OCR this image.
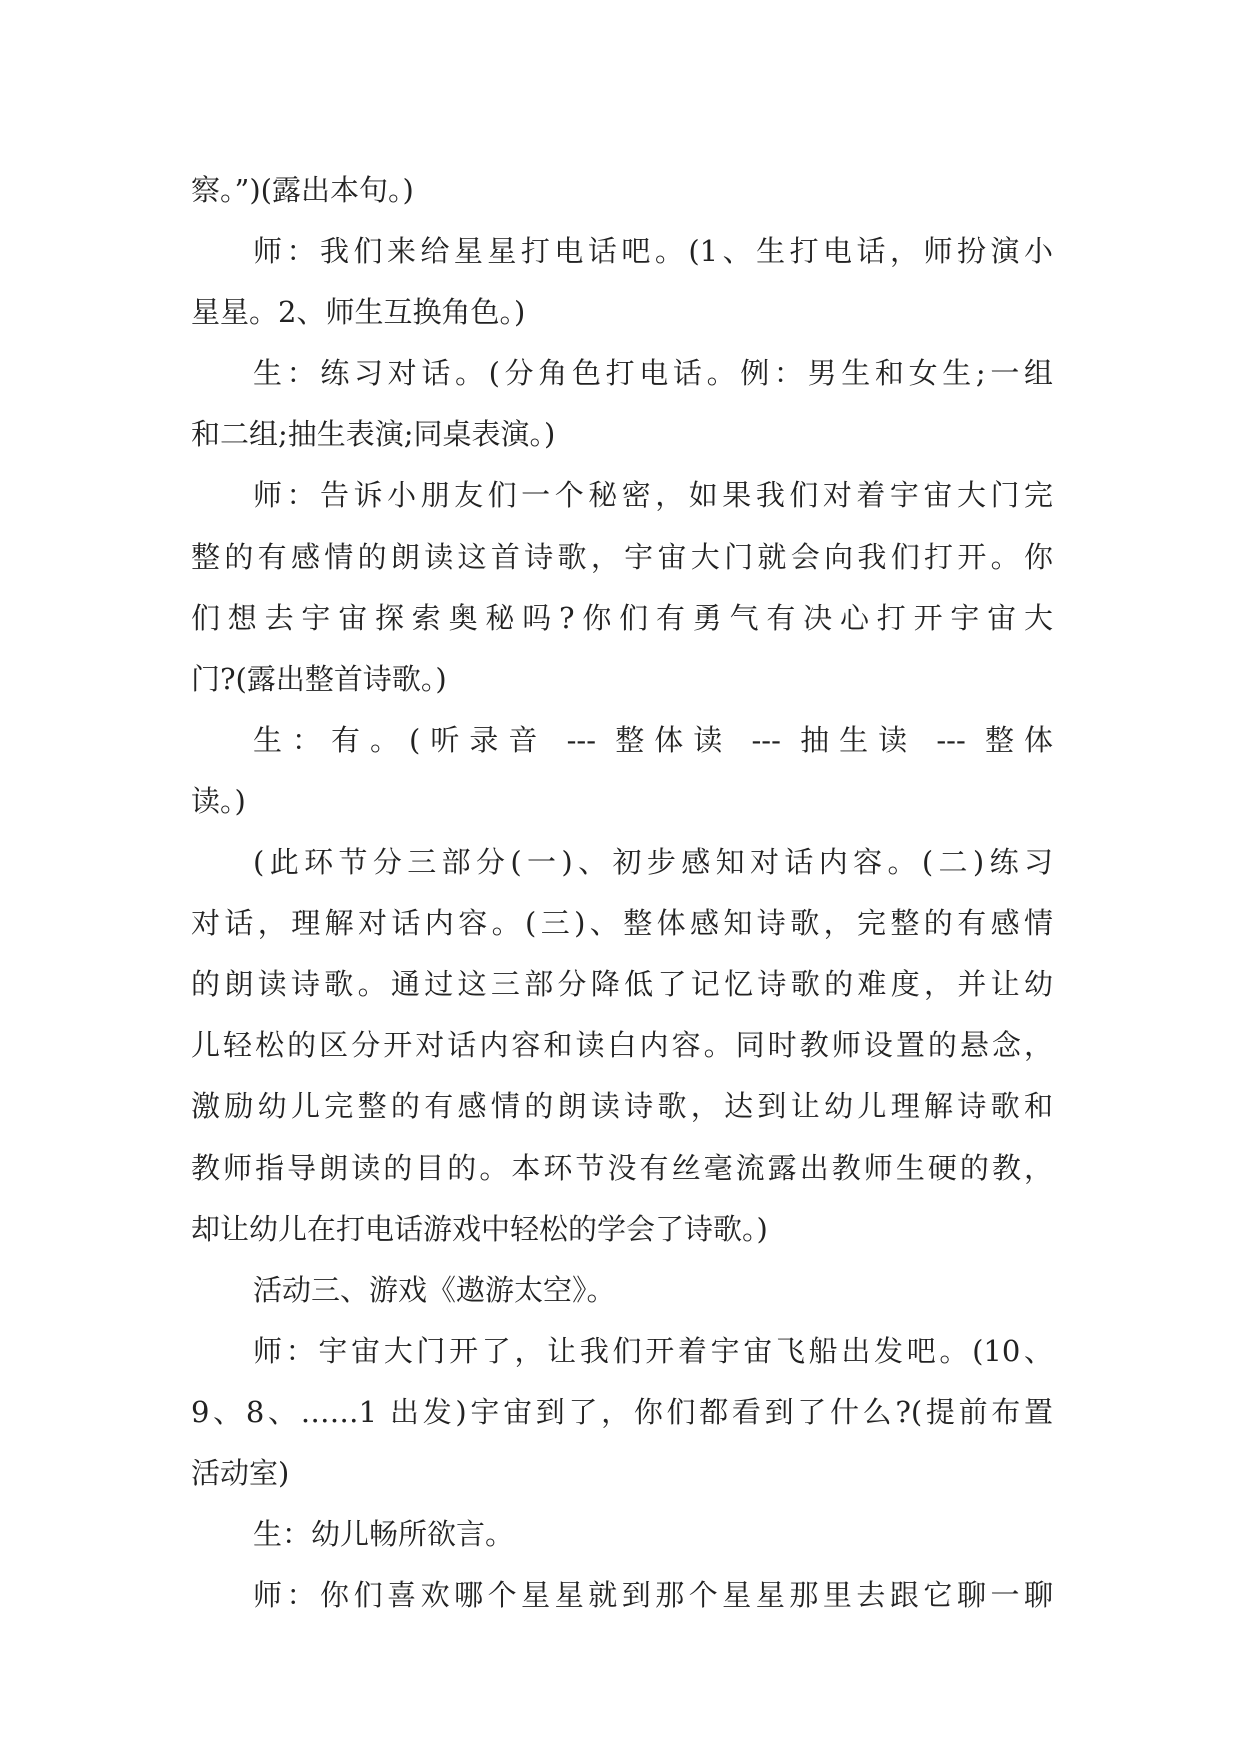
察。”)(露出本句。)
师：我们来给星星打电话吧。(1、生打电话，师扮演小
星星。2、师生互换角色。)
生：练习对话。(分角色打电话。例：男生和女生;一组
和二组;抽生表演;同桌表演。)
师：告诉小朋友们一个秘密，如果我们对着宇宙大门完
整的有感情的朗读这首诗歌，宇宙大门就会向我们打开。你
们想去宇宙探索奥秘吗?你们有勇气有决心打开宇宙大
门?(露出整首诗歌。)
生：有。(听录音 --- 整体读 --- 抽生读 --- 整体
读。)
(此环节分三部分(一)、初步感知对话内容。(二)练习
对话，理解对话内容。(三)、整体感知诗歌，完整的有感情
的朗读诗歌。通过这三部分降低了记忆诗歌的难度，并让幼
儿轻松的区分开对话内容和读白内容。同时教师设置的悬念，
激励幼儿完整的有感情的朗读诗歌，达到让幼儿理解诗歌和
教师指导朗读的目的。本环节没有丝毫流露出教师生硬的教，
却让幼儿在打电话游戏中轻松的学会了诗歌。)
活动三、游戏《遨游太空》。
师：宇宙大门开了，让我们开着宇宙飞船出发吧。(10、
9、8、……1 出发)宇宙到了，你们都看到了什么?(提前布置
活动室)
生：幼儿畅所欲言。
师：你们喜欢哪个星星就到那个星星那里去跟它聊一聊
